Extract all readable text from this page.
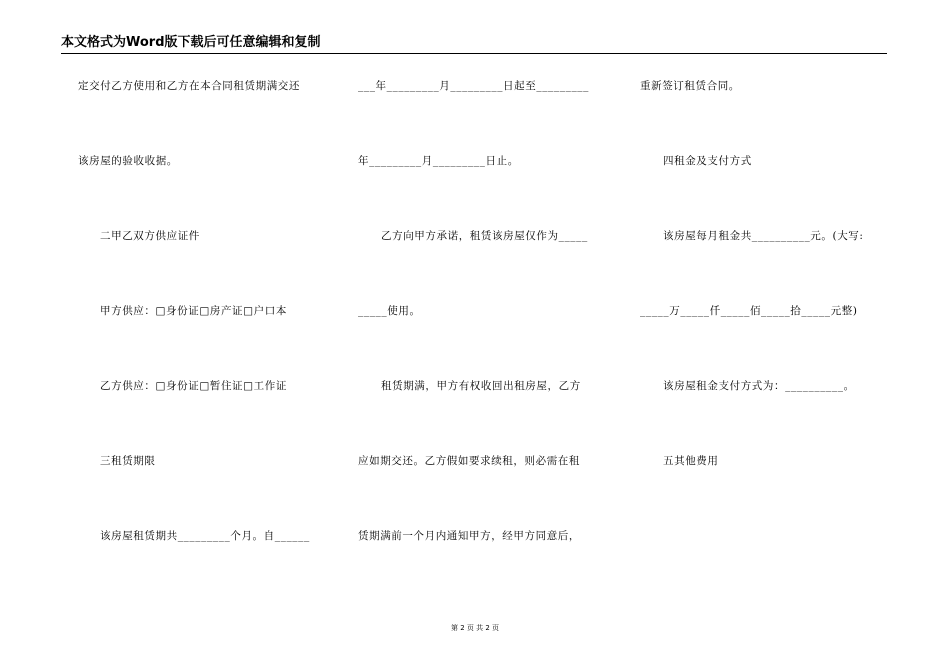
本文格式为Word版下载后可任意编辑和复制
定交付乙方使用和乙方在本合同租赁期满交还
该房屋的验收收据。
二甲乙双方供应证件
甲方供应：□身份证□房产证□户口本
乙方供应：□身份证□暂住证□工作证
三租赁期限
该房屋租赁期共_________个月。自______
___年_________月_________日起至_________
年_________月_________日止。
乙方向甲方承诺，租赁该房屋仅作为_____
_____使用。
租赁期满，甲方有权收回出租房屋，乙方
应如期交还。乙方假如要求续租，则必需在租
赁期满前一个月内通知甲方，经甲方同意后，
重新签订租赁合同。
四租金及支付方式
该房屋每月租金共__________元。(大写:
_____万_____仟_____佰_____拾_____元整)
该房屋租金支付方式为：__________。
五其他费用
第 2 页 共 2 页
